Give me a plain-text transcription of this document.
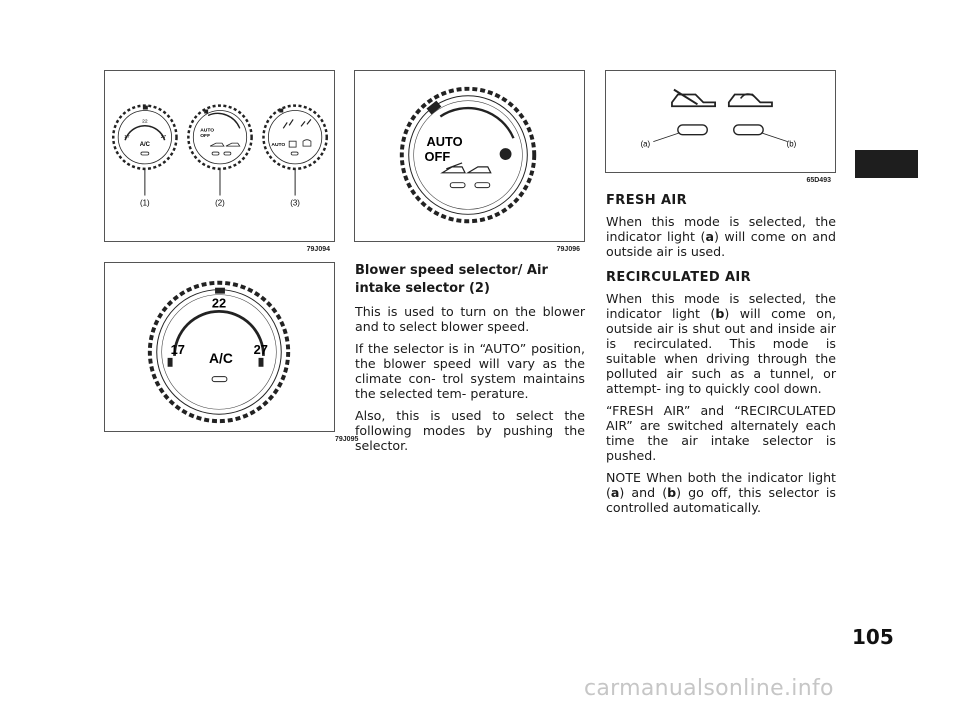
22
17	27
A/C
(1)
AUTO
OFF
(2)
AUTO
(3)
79J094
AUTO
OFF
79J096
22
17	27
A/C
79J095
(a)	(b)
65D493
Blower speed selector/ Air intake selector (2)

This is used to turn on the blower and to select blower speed.

If the selector is in “AUTO” position, the blower speed will vary as the climate con- trol system maintains the selected tem- perature.

Also, this is used to select the following modes by pushing the selector.

FRESH AIR

When this mode is selected, the indicator light (a) will come on and outside air is used.

RECIRCULATED AIR

When this mode is selected, the indicator light (b) will come on, outside air is shut out and inside air is recirculated. This mode is suitable when driving through the polluted air such as a tunnel, or attempt- ing to quickly cool down.

“FRESH AIR” and “RECIRCULATED AIR” are switched alternately each time the air intake selector is pushed.

NOTE When both the indicator light (a) and (b) go off, this selector is controlled automatically.

105
carmanualsonline.info
